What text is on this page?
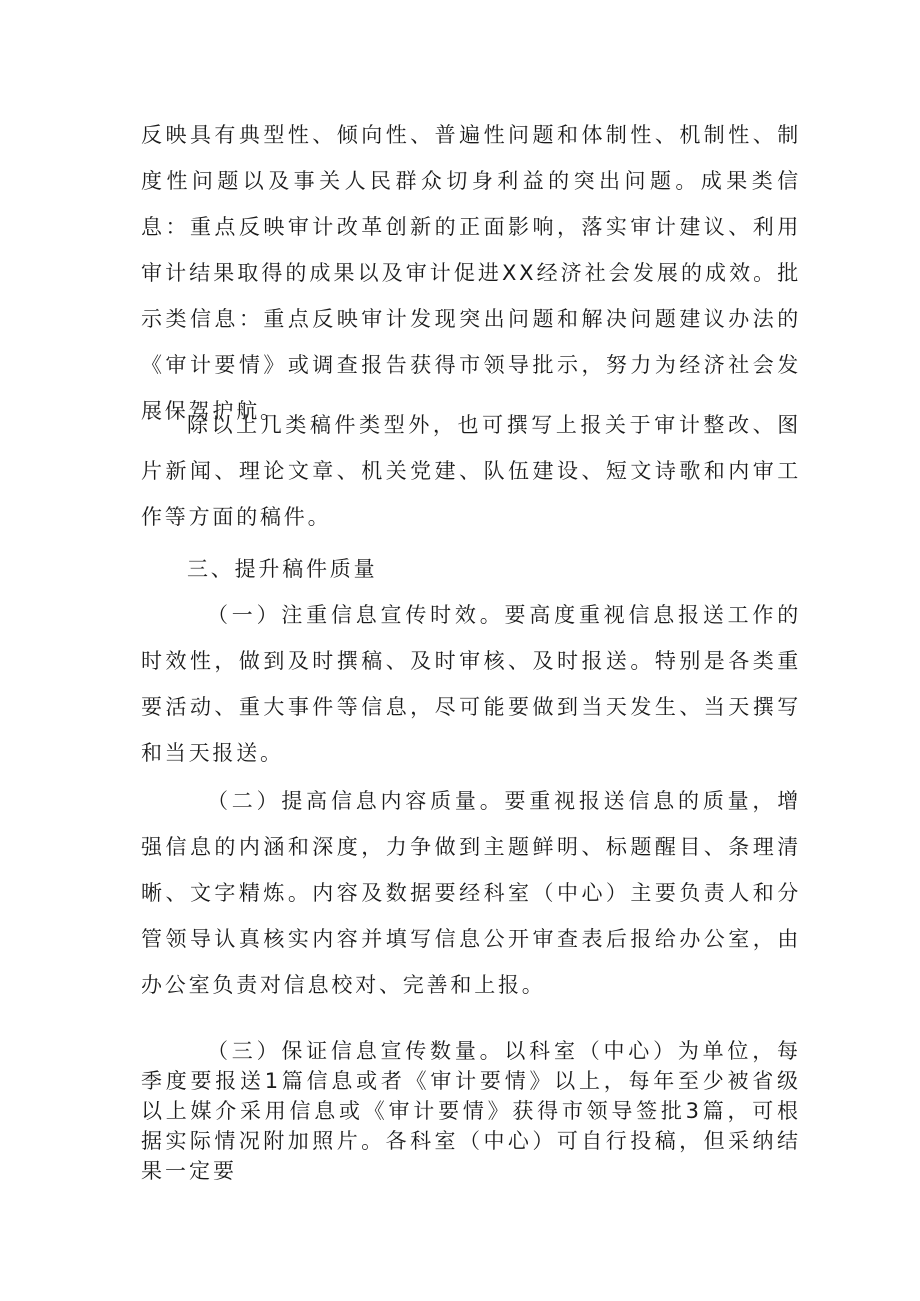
反映具有典型性、倾向性、普遍性问题和体制性、机制性、制度性问题以及事关人民群众切身利益的突出问题。成果类信息：重点反映审计改革创新的正面影响，落实审计建议、利用审计结果取得的成果以及审计促进XX经济社会发展的成效。批示类信息：重点反映审计发现突出问题和解决问题建议办法的《审计要情》或调查报告获得市领导批示，努力为经济社会发展保驾护航。

除以上几类稿件类型外，也可撰写上报关于审计整改、图片新闻、理论文章、机关党建、队伍建设、短文诗歌和内审工作等方面的稿件。

三、提升稿件质量

（一）注重信息宣传时效。要高度重视信息报送工作的时效性，做到及时撰稿、及时审核、及时报送。特别是各类重要活动、重大事件等信息，尽可能要做到当天发生、当天撰写和当天报送。

（二）提高信息内容质量。要重视报送信息的质量，增强信息的内涵和深度，力争做到主题鲜明、标题醒目、条理清晰、文字精炼。内容及数据要经科室（中心）主要负责人和分管领导认真核实内容并填写信息公开审查表后报给办公室，由办公室负责对信息校对、完善和上报。

（三）保证信息宣传数量。以科室（中心）为单位，每季度要报送1篇信息或者《审计要情》以上，每年至少被省级以上媒介采用信息或《审计要情》获得市领导签批3篇，可根据实际情况附加照片。各科室（中心）可自行投稿，但采纳结果一定要
